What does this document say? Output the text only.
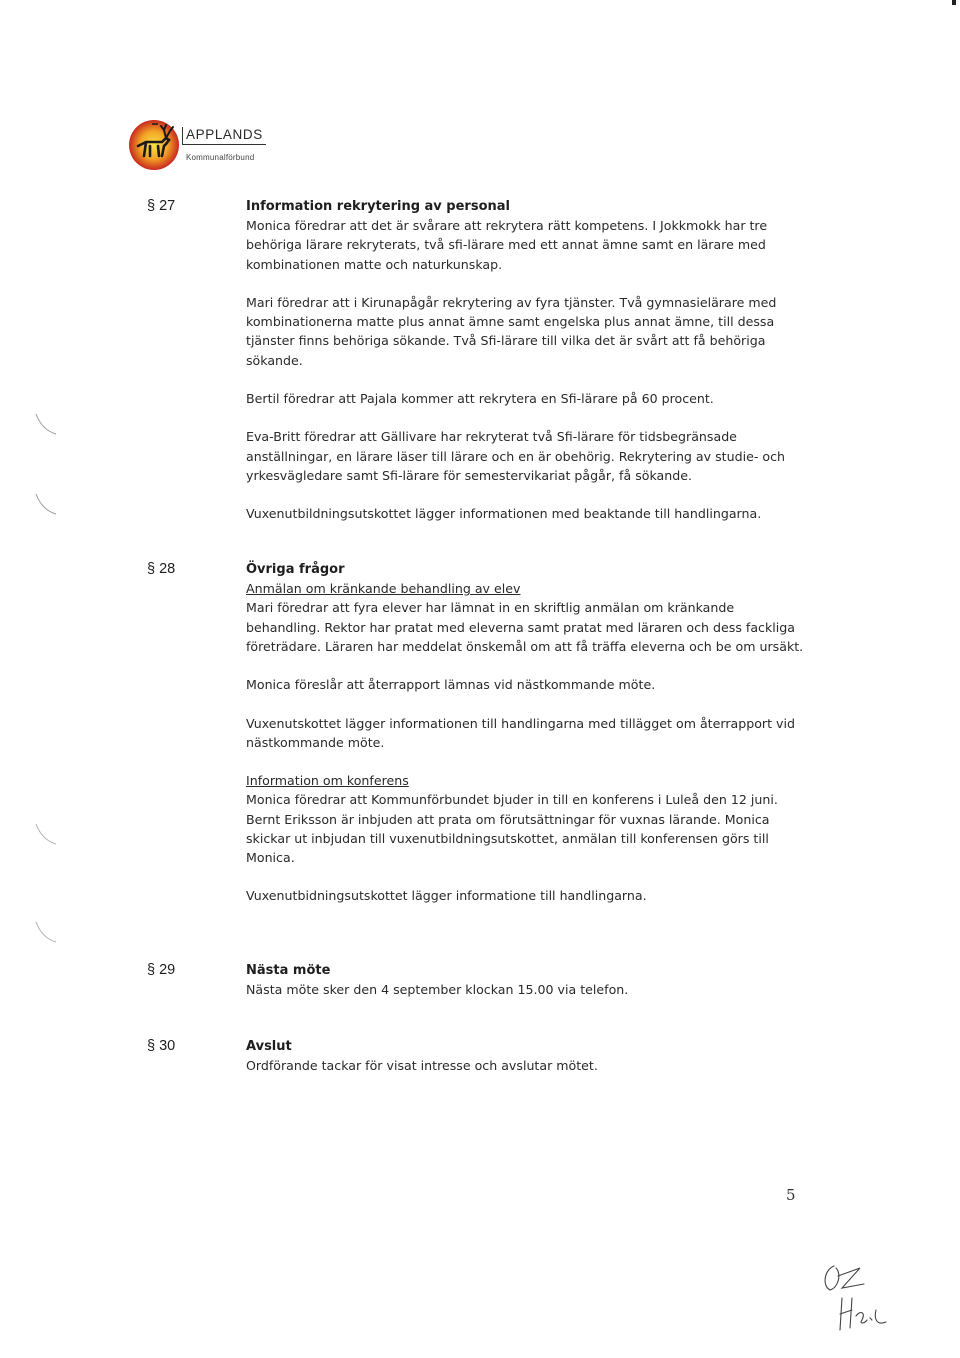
APPLANDS
Kommunalförbund
§ 27	Information rekrytering av personal

Monica föredrar att det är svårare att rekrytera rätt kompetens. I Jokkmokk har tre behöriga lärare rekryterats, två sfi-lärare med ett annat ämne samt en lärare med kombinationen matte och naturkunskap.

Mari föredrar att i Kirunapågår rekrytering av fyra tjänster. Två gymnasielärare med kombinationerna matte plus annat ämne samt engelska plus annat ämne, till dessa tjänster finns behöriga sökande. Två Sfi-lärare till vilka det är svårt att få behöriga sökande.

Bertil föredrar att Pajala kommer att rekrytera en Sfi-lärare på 60 procent.

Eva-Britt föredrar att Gällivare har rekryterat två Sfi-lärare för tidsbegränsade anställningar, en lärare läser till lärare och en är obehörig. Rekrytering av studie- och yrkesvägledare samt Sfi-lärare för semestervikariat pågår, få sökande.

Vuxenutbildningsutskottet lägger informationen med beaktande till handlingarna.

§ 28	Övriga frågor
Anmälan om kränkande behandling av elev

Mari föredrar att fyra elever har lämnat in en skriftlig anmälan om kränkande behandling. Rektor har pratat med eleverna samt pratat med läraren och dess fackliga företrädare. Läraren har meddelat önskemål om att få träffa eleverna och be om ursäkt.

Monica föreslår att återrapport lämnas vid nästkommande möte.

Vuxenutskottet lägger informationen till handlingarna med tillägget om återrapport vid nästkommande möte.

Information om konferens

Monica föredrar att Kommunförbundet bjuder in till en konferens i Luleå den 12 juni. Bernt Eriksson är inbjuden att prata om förutsättningar för vuxnas lärande. Monica skickar ut inbjudan till vuxenutbildningsutskottet, anmälan till konferensen görs till Monica.

Vuxenutbidningsutskottet lägger informatione till handlingarna.

§ 29	Nästa möte

Nästa möte sker den 4 september klockan 15.00 via telefon.

§ 30	Avslut

Ordförande tackar för visat intresse och avslutar mötet.

5
